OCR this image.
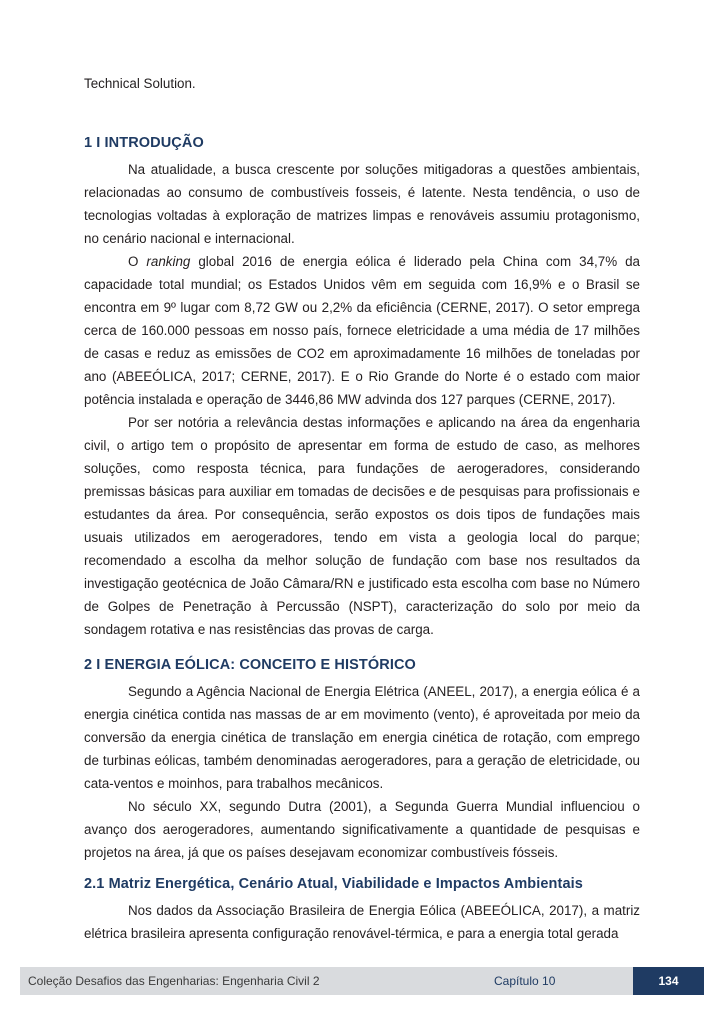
Technical Solution.
1 I INTRODUÇÃO

Na atualidade, a busca crescente por soluções mitigadoras a questões ambientais, relacionadas ao consumo de combustíveis fosseis, é latente. Nesta tendência, o uso de tecnologias voltadas à exploração de matrizes limpas e renováveis assumiu protagonismo, no cenário nacional e internacional.

O ranking global 2016 de energia eólica é liderado pela China com 34,7% da capacidade total mundial; os Estados Unidos vêm em seguida com 16,9% e o Brasil se encontra em 9º lugar com 8,72 GW ou 2,2% da eficiência (CERNE, 2017). O setor emprega cerca de 160.000 pessoas em nosso país, fornece eletricidade a uma média de 17 milhões de casas e reduz as emissões de CO2 em aproximadamente 16 milhões de toneladas por ano (ABEEÓLICA, 2017; CERNE, 2017). E o Rio Grande do Norte é o estado com maior potência instalada e operação de 3446,86 MW advinda dos 127 parques (CERNE, 2017).

Por ser notória a relevância destas informações e aplicando na área da engenharia civil, o artigo tem o propósito de apresentar em forma de estudo de caso, as melhores soluções, como resposta técnica, para fundações de aerogeradores, considerando premissas básicas para auxiliar em tomadas de decisões e de pesquisas para profissionais e estudantes da área. Por consequência, serão expostos os dois tipos de fundações mais usuais utilizados em aerogeradores, tendo em vista a geologia local do parque; recomendado a escolha da melhor solução de fundação com base nos resultados da investigação geotécnica de João Câmara/RN e justificado esta escolha com base no Número de Golpes de Penetração à Percussão (NSPT), caracterização do solo por meio da sondagem rotativa e nas resistências das provas de carga.

2 I ENERGIA EÓLICA: CONCEITO E HISTÓRICO

Segundo a Agência Nacional de Energia Elétrica (ANEEL, 2017), a energia eólica é a energia cinética contida nas massas de ar em movimento (vento), é aproveitada por meio da conversão da energia cinética de translação em energia cinética de rotação, com emprego de turbinas eólicas, também denominadas aerogeradores, para a geração de eletricidade, ou cata-ventos e moinhos, para trabalhos mecânicos.

No século XX, segundo Dutra (2001), a Segunda Guerra Mundial influenciou o avanço dos aerogeradores, aumentando significativamente a quantidade de pesquisas e projetos na área, já que os países desejavam economizar combustíveis fósseis.

2.1 Matriz Energética, Cenário Atual, Viabilidade e Impactos Ambientais

Nos dados da Associação Brasileira de Energia Eólica (ABEEÓLICA, 2017), a matriz elétrica brasileira apresenta configuração renovável-térmica, e para a energia total gerada

Coleção Desafios das Engenharias: Engenharia Civil 2	Capítulo 10	134
